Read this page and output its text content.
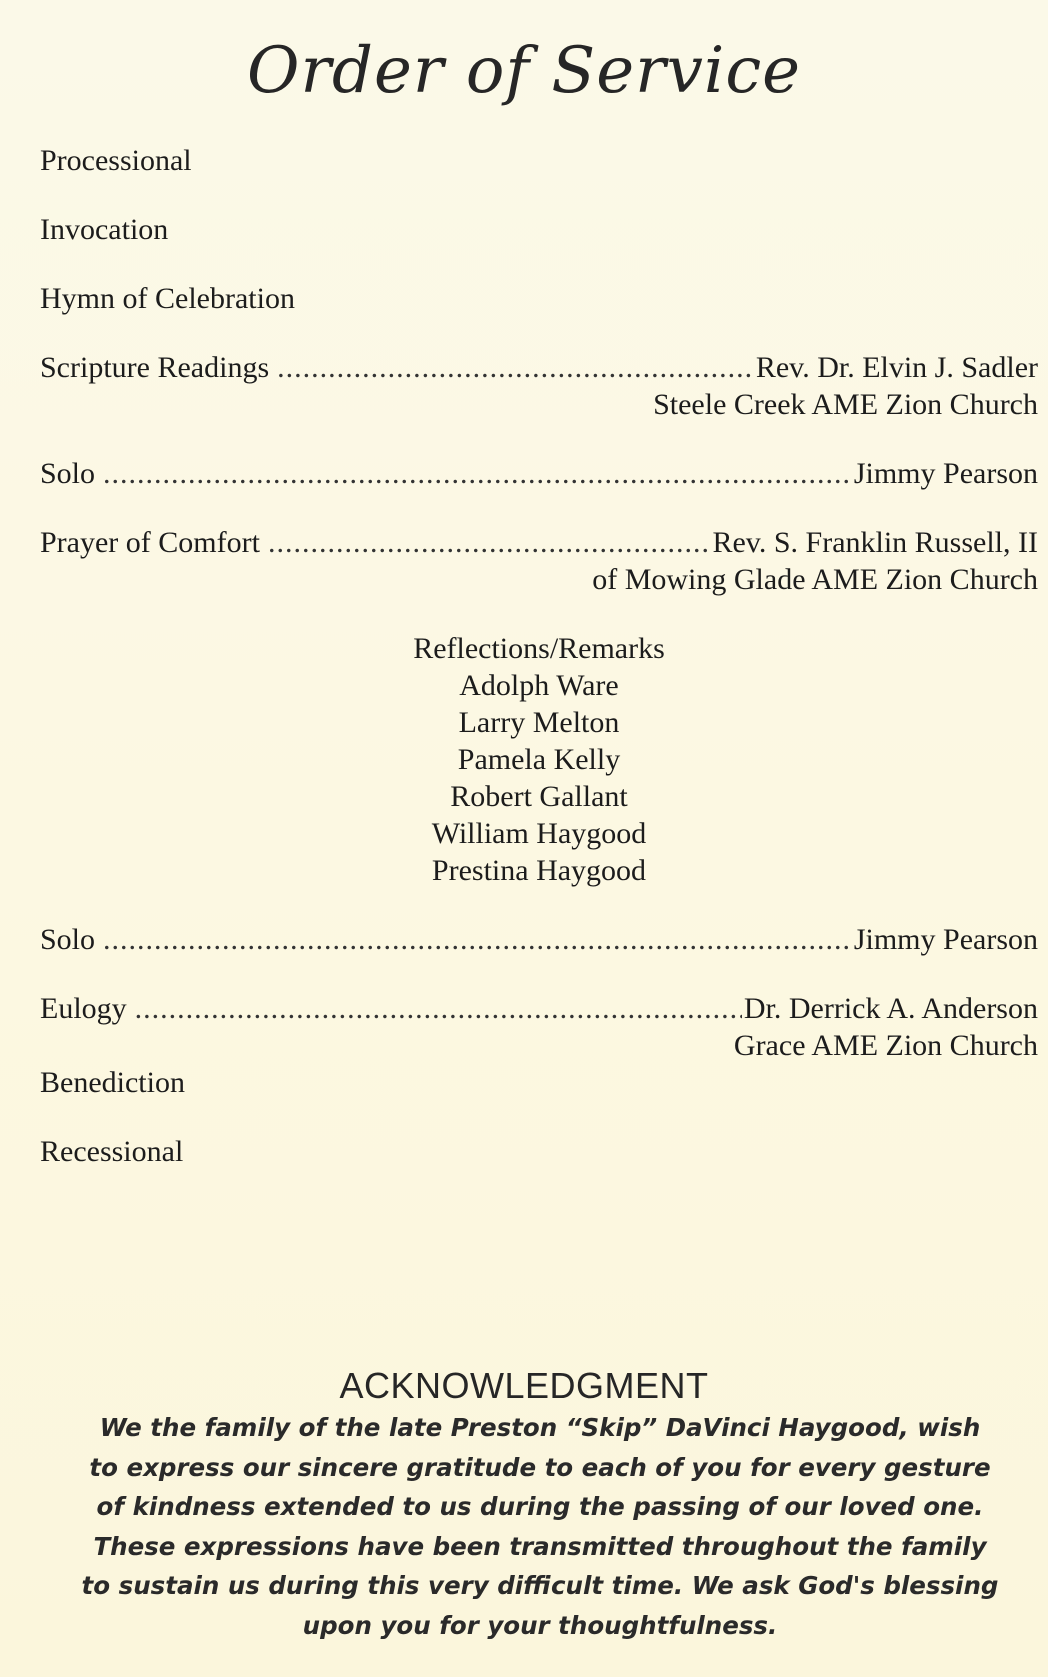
Order of Service
Processional
Invocation
Hymn of Celebration
Scripture Readings .....	Rev. Dr. Elvin J. Sadler
Steele Creek AME Zion Church
Solo .....	Jimmy Pearson
Prayer of Comfort .....	Rev. S. Franklin Russell, II
of Mowing Glade AME Zion Church
Reflections/Remarks
Adolph Ware
Larry Melton
Pamela Kelly
Robert Gallant
William Haygood
Prestina Haygood
Solo .....	Jimmy Pearson
Eulogy .....	Dr. Derrick A. Anderson
Grace AME Zion Church
Benediction
Recessional
ACKNOWLEDGMENT
We the family of the late Preston “Skip” DaVinci Haygood, wish
to express our sincere gratitude to each of you for every gesture
of kindness extended to us during the passing of our loved one.
These expressions have been transmitted throughout the family
to sustain us during this very difficult time. We ask God's blessing
upon you for your thoughtfulness.
